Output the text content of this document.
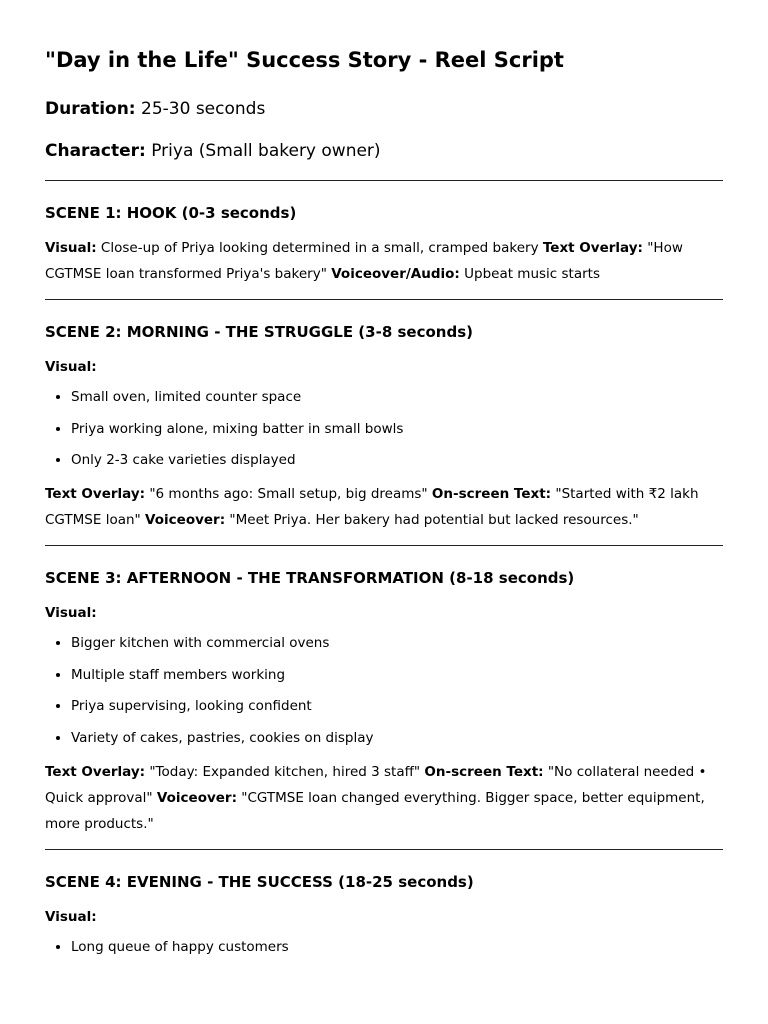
"Day in the Life" Success Story - Reel Script
Duration: 25-30 seconds
Character: Priya (Small bakery owner)
SCENE 1: HOOK (0-3 seconds)

Visual: Close-up of Priya looking determined in a small, cramped bakery Text Overlay: "How CGTMSE loan transformed Priya's bakery" Voiceover/Audio: Upbeat music starts

SCENE 2: MORNING - THE STRUGGLE (3-8 seconds)

Visual:

• Small oven, limited counter space
• Priya working alone, mixing batter in small bowls
• Only 2-3 cake varieties displayed

Text Overlay: "6 months ago: Small setup, big dreams" On-screen Text: "Started with ₹2 lakh CGTMSE loan" Voiceover: "Meet Priya. Her bakery had potential but lacked resources."

SCENE 3: AFTERNOON - THE TRANSFORMATION (8-18 seconds)

Visual:

• Bigger kitchen with commercial ovens
• Multiple staff members working
• Priya supervising, looking confident
• Variety of cakes, pastries, cookies on display

Text Overlay: "Today: Expanded kitchen, hired 3 staff" On-screen Text: "No collateral needed • Quick approval" Voiceover: "CGTMSE loan changed everything. Bigger space, better equipment, more products."

SCENE 4: EVENING - THE SUCCESS (18-25 seconds)

Visual:

• Long queue of happy customers
